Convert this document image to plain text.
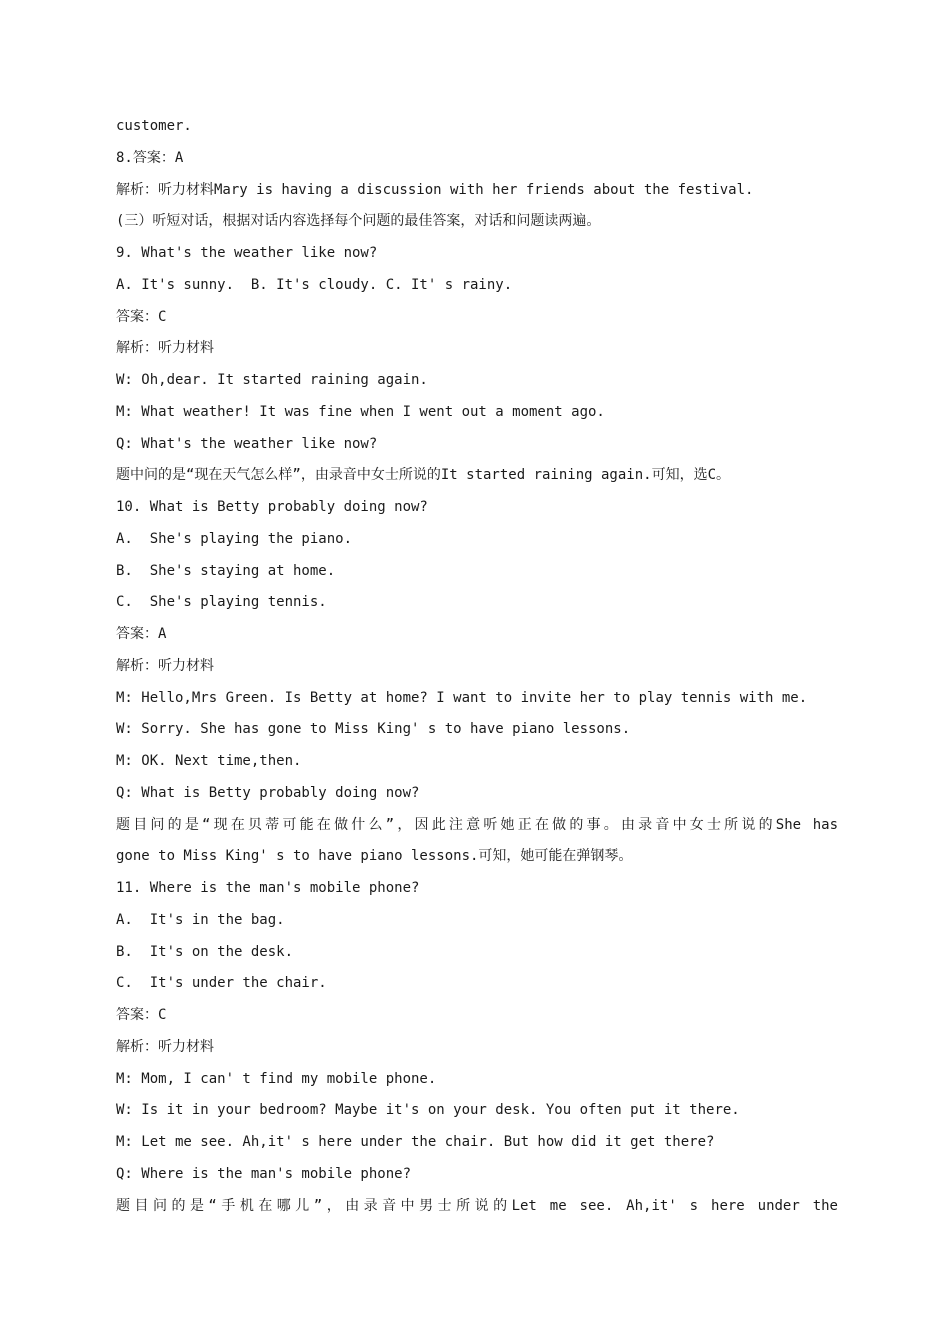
customer.
8.答案：A
解析：听力材料Mary is having a discussion with her friends about the festival.
(三）听短对话，根据对话内容选择每个问题的最佳答案，对话和问题读两遍。
9. What's the weather like now?
A. It's sunny.  B. It's cloudy. C. It' s rainy.
答案：C
解析：听力材料
W: Oh,dear. It started raining again.
M: What weather! It was fine when I went out a moment ago.
Q: What's the weather like now?
题中问的是“现在天气怎么样”，由录音中女士所说的It started raining again.可知，选C。
10. What is Betty probably doing now?
A.  She's playing the piano.
B.  She's staying at home.
C.  She's playing tennis.
答案：A
解析：听力材料
M: Hello,Mrs Green. Is Betty at home? I want to invite her to play tennis with me.
W: Sorry. She has gone to Miss King' s to have piano lessons.
M: OK. Next time,then.
Q: What is Betty probably doing now?
题目问的是“现在贝蒂可能在做什么”，因此注意听她正在做的事。由录音中女士所说的She has
gone to Miss King' s to have piano lessons.可知，她可能在弹钢琴。
11. Where is the man's mobile phone?
A.  It's in the bag.
B.  It's on the desk.
C.  It's under the chair.
答案：C
解析：听力材料
M: Mom, I can' t find my mobile phone.
W: Is it in your bedroom? Maybe it's on your desk. You often put it there.
M: Let me see. Ah,it' s here under the chair. But how did it get there?
Q: Where is the man's mobile phone?
题目问的是“手机在哪儿”，由录音中男士所说的Let me see. Ah,it' s here under the
